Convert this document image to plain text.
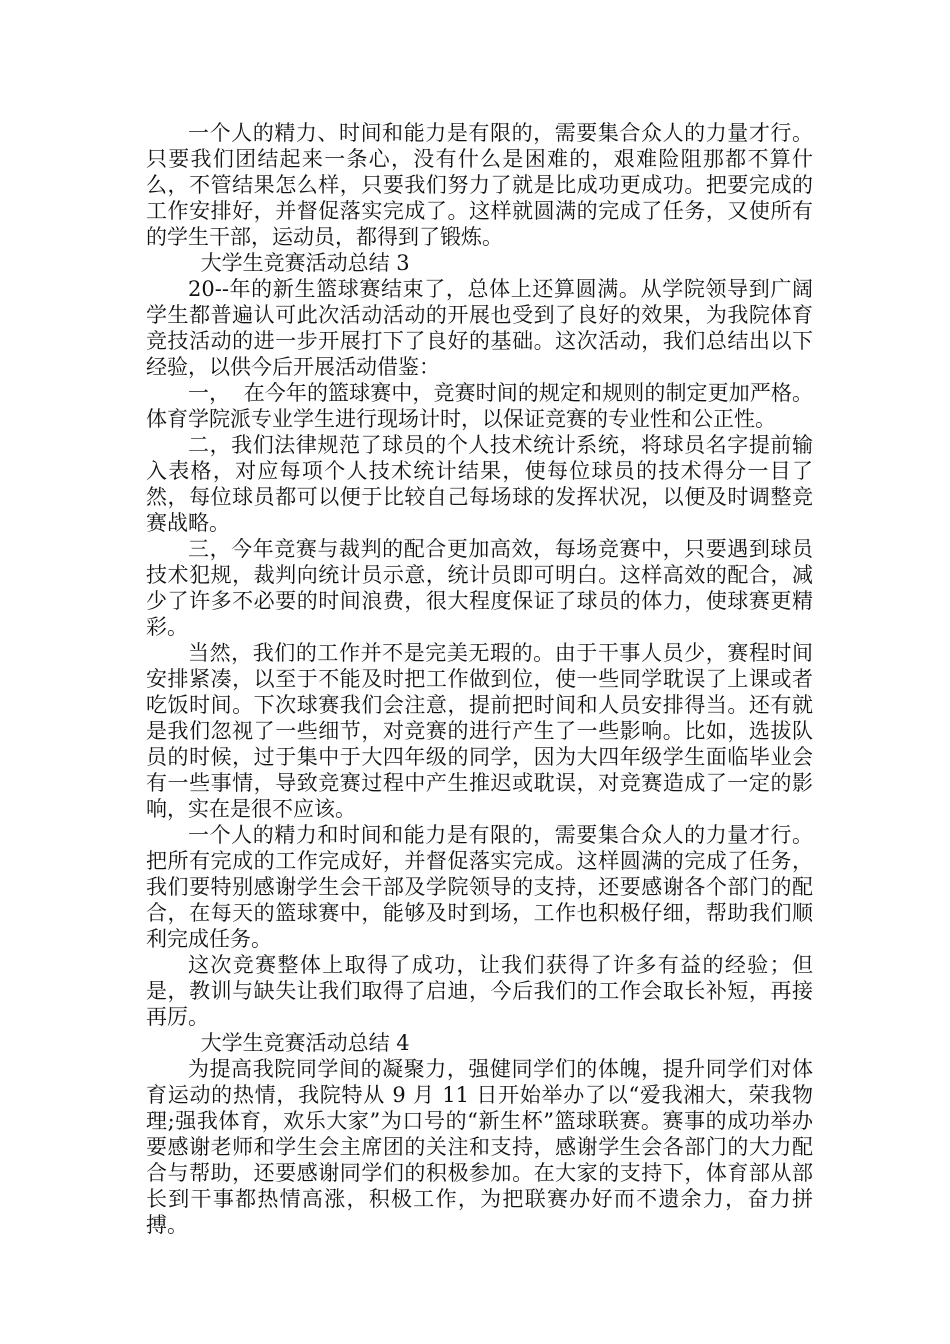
一个人的精力、时间和能力是有限的，需要集合众人的力量才行。只要我们团结起来一条心，没有什么是困难的，艰难险阻那都不算什么，不管结果怎么样，只要我们努力了就是比成功更成功。把要完成的工作安排好，并督促落实完成了。这样就圆满的完成了任务，又使所有的学生干部，运动员，都得到了锻炼。

大学生竞赛活动总结 3

20--年的新生篮球赛结束了，总体上还算圆满。从学院领导到广阔学生都普遍认可此次活动活动的开展也受到了良好的效果，为我院体育竞技活动的进一步开展打下了良好的基础。这次活动，我们总结出以下经验，以供今后开展活动借鉴：

一，  在今年的篮球赛中，竞赛时间的规定和规则的制定更加严格。体育学院派专业学生进行现场计时，以保证竞赛的专业性和公正性。

二，我们法律规范了球员的个人技术统计系统，将球员名字提前输入表格，对应每项个人技术统计结果，使每位球员的技术得分一目了然，每位球员都可以便于比较自己每场球的发挥状况，以便及时调整竞赛战略。

三，今年竞赛与裁判的配合更加高效，每场竞赛中，只要遇到球员技术犯规，裁判向统计员示意，统计员即可明白。这样高效的配合，减少了许多不必要的时间浪费，很大程度保证了球员的体力，使球赛更精彩。

当然，我们的工作并不是完美无瑕的。由于干事人员少，赛程时间安排紧凑，以至于不能及时把工作做到位，使一些同学耽误了上课或者吃饭时间。下次球赛我们会注意，提前把时间和人员安排得当。还有就是我们忽视了一些细节，对竞赛的进行产生了一些影响。比如，选拔队员的时候，过于集中于大四年级的同学，因为大四年级学生面临毕业会有一些事情，导致竞赛过程中产生推迟或耽误，对竞赛造成了一定的影响，实在是很不应该。

一个人的精力和时间和能力是有限的，需要集合众人的力量才行。把所有完成的工作完成好，并督促落实完成。这样圆满的完成了任务，我们要特别感谢学生会干部及学院领导的支持，还要感谢各个部门的配合，在每天的篮球赛中，能够及时到场，工作也积极仔细，帮助我们顺利完成任务。

这次竞赛整体上取得了成功，让我们获得了许多有益的经验；但是，教训与缺失让我们取得了启迪，今后我们的工作会取长补短，再接再厉。

大学生竞赛活动总结 4

为提高我院同学间的凝聚力，强健同学们的体魄，提升同学们对体育运动的热情，我院特从 9 月 11 日开始举办了以“爱我湘大，荣我物理;强我体育，欢乐大家”为口号的“新生杯”篮球联赛。赛事的成功举办要感谢老师和学生会主席团的关注和支持，感谢学生会各部门的大力配合与帮助，还要感谢同学们的积极参加。在大家的支持下，体育部从部长到干事都热情高涨，积极工作，为把联赛办好而不遗余力，奋力拼搏。
